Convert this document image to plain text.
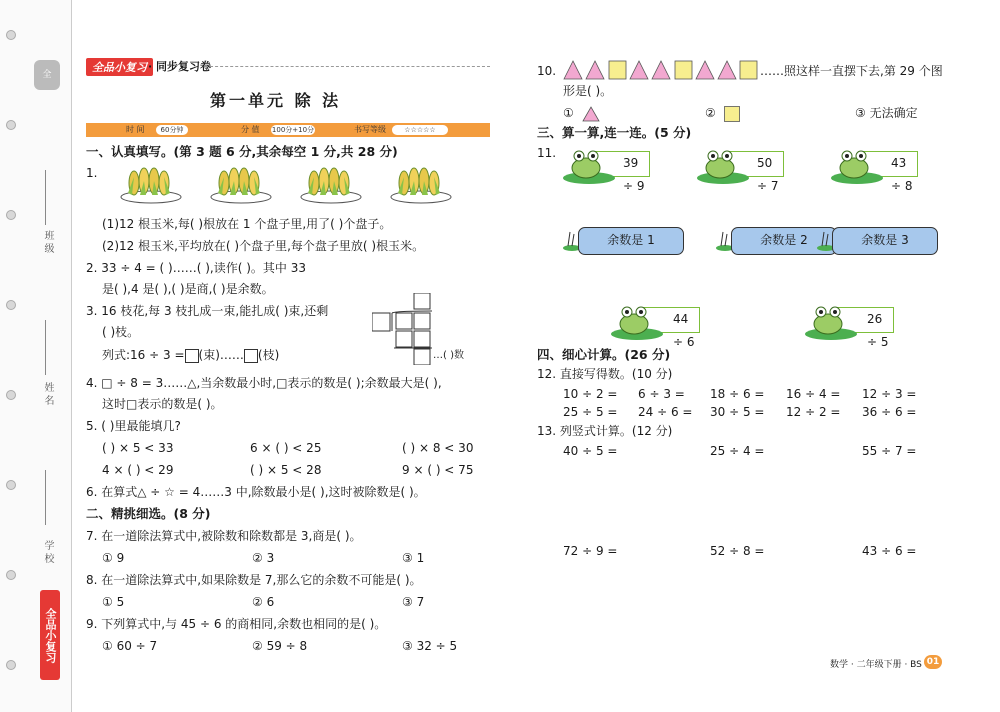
全
班 级
姓 名
学 校
全品小复习
全品小复习 · 同步复习卷
第一单元 除 法
时 间	60分钟	分 值 100分+10分	书写等级	☆☆☆☆☆
一、认真填写。(第 3 题 6 分,其余每空 1 分,共 28 分)
1.
(1)12 根玉米,每( )根放在 1 个盘子里,用了( )个盘子。
(2)12 根玉米,平均放在( )个盘子里,每个盘子里放( )根玉米。
2. 33 ÷ 4 = ( )……( ),读作( )。其中 33
是( ),4 是( ),( )是商,( )是余数。
3. 16 枝花,每 3 枝扎成一束,能扎成( )束,还剩
( )枝。
列式:16 ÷ 3 = (束)…… (枝)	…( )数
4. □ ÷ 8 = 3……△,当余数最小时,□表示的数是( );余数最大是( ),
这时□表示的数是( )。
5. ( )里最能填几?
( ) × 5 < 33	6 × ( ) < 25	( ) × 8 < 30
4 × ( ) < 29	( ) × 5 < 28	9 × ( ) < 75
6. 在算式△ ÷ ☆ = 4……3 中,除数最小是( ),这时被除数是( )。
二、精挑细选。(8 分)
7. 在一道除法算式中,被除数和除数都是 3,商是( )。
① 9	② 3	③ 1
8. 在一道除法算式中,如果除数是 7,那么它的余数不可能是( )。
① 5	② 6	③ 7
9. 下列算式中,与 45 ÷ 6 的商相同,余数也相同的是( )。
① 60 ÷ 7	② 59 ÷ 8	③ 32 ÷ 5
10.	……照这样一直摆下去,第 29 个图
形是( )。
①	②	③ 无法确定
三、算一算,连一连。(5 分)
11.
39 ÷ 9
50 ÷ 7
43 ÷ 8
余数是 1	余数是 2	余数是 3
44 ÷ 6
26 ÷ 5
四、细心计算。(26 分)
12. 直接写得数。(10 分)
10 ÷ 2 = 6 ÷ 3 = 18 ÷ 6 = 16 ÷ 4 = 12 ÷ 3 =
25 ÷ 5 = 24 ÷ 6 = 30 ÷ 5 = 12 ÷ 2 = 36 ÷ 6 =
13. 列竖式计算。(12 分)
40 ÷ 5 =	25 ÷ 4 =	55 ÷ 7 =
72 ÷ 9 =	52 ÷ 8 =	43 ÷ 6 =
数学 · 二年级下册 · BS 01
